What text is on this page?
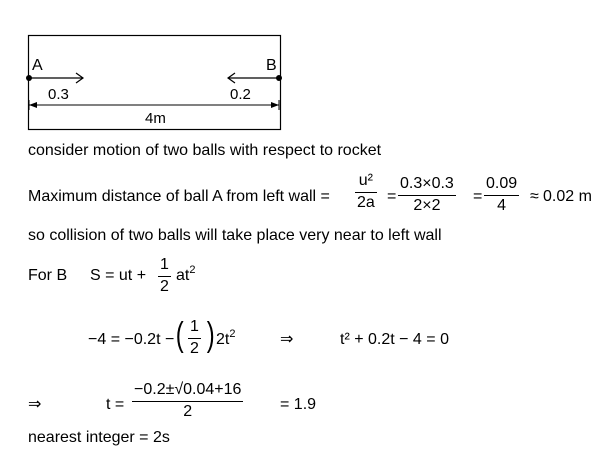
A	B
0.3	0.2
4m
consider motion of two balls with respect to rocket
Maximum distance of ball A from left wall =
u²
2a =
0.3×0.3
2×2
=
0.09
4
≈ 0.02 m
so collision of two balls will take place very near to left wall
For B S = ut +
1
2
$at^2$
−4 = −0.2t − ( 1
2 ) $2t^2$	⇒	t² + 0.2t − 4 = 0
⇒	t =
−0.2±√0.04+16
2	= 1.9
nearest integer = 2s
